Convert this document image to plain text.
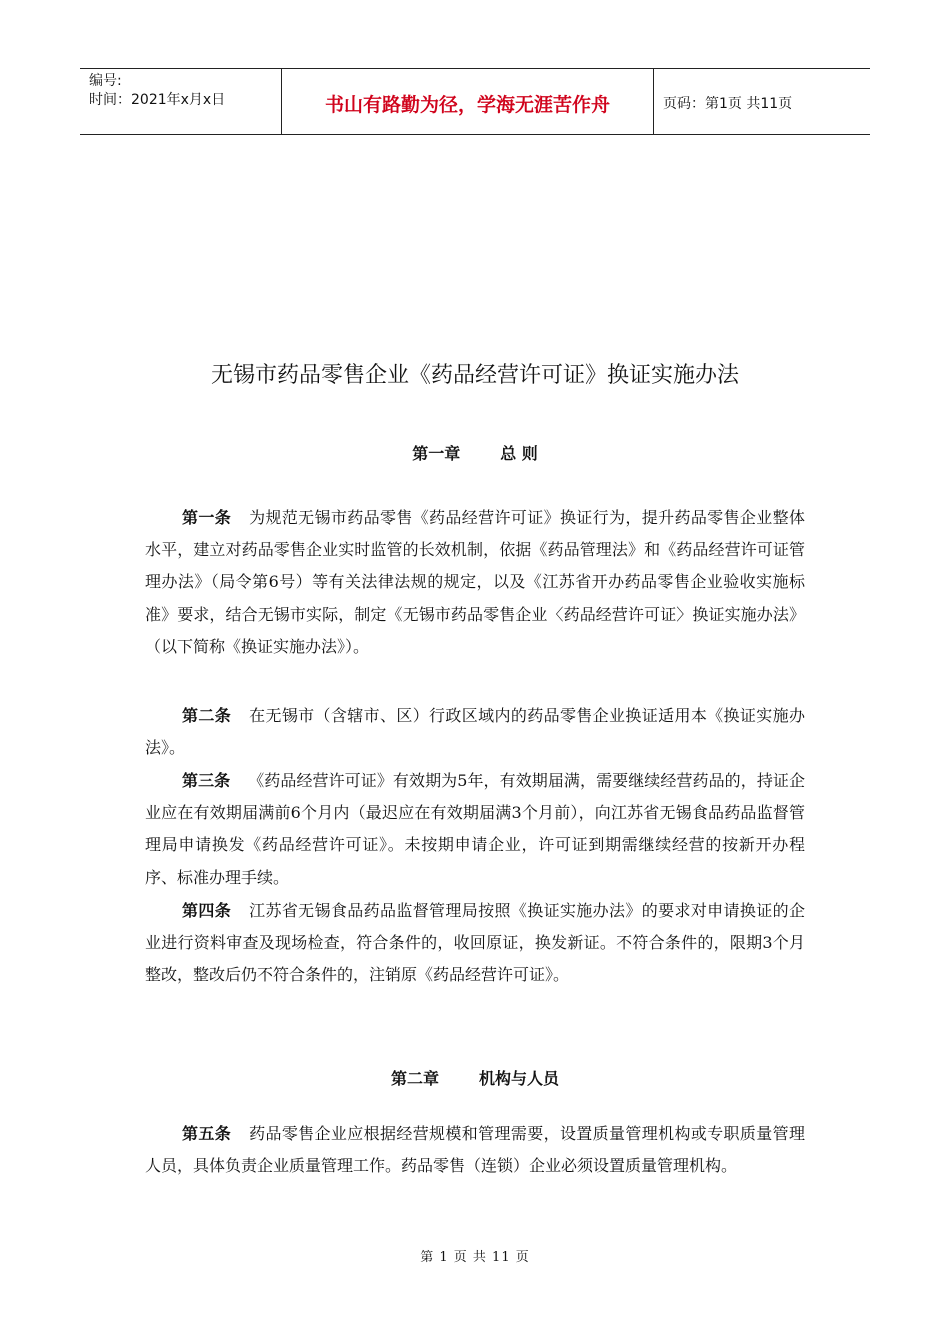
编号:
时间：2021年x月x日	书山有路勤为径，学海无涯苦作舟	页码：第1页 共11页
无锡市药品零售企业《药品经营许可证》换证实施办法
第一章	总 则

第一条 为规范无锡市药品零售《药品经营许可证》换证行为，提升药品零售企业整体水平，建立对药品零售企业实时监管的长效机制，依据《药品管理法》和《药品经营许可证管理办法》（局令第6号）等有关法律法规的规定，以及《江苏省开办药品零售企业验收实施标准》要求，结合无锡市实际，制定《无锡市药品零售企业〈药品经营许可证〉换证实施办法》（以下简称《换证实施办法》）。

第二条 在无锡市（含辖市、区）行政区域内的药品零售企业换证适用本《换证实施办法》。

第三条 《药品经营许可证》有效期为5年，有效期届满，需要继续经营药品的，持证企业应在有效期届满前6个月内（最迟应在有效期届满3个月前），向江苏省无锡食品药品监督管理局申请换发《药品经营许可证》。未按期申请企业，许可证到期需继续经营的按新开办程序、标准办理手续。

第四条 江苏省无锡食品药品监督管理局按照《换证实施办法》的要求对申请换证的企业进行资料审查及现场检查，符合条件的，收回原证，换发新证。不符合条件的，限期3个月整改，整改后仍不符合条件的，注销原《药品经营许可证》。

第二章	机构与人员

第五条 药品零售企业应根据经营规模和管理需要，设置质量管理机构或专职质量管理人员，具体负责企业质量管理工作。药品零售（连锁）企业必须设置质量管理机构。

第 1 页 共 11 页
